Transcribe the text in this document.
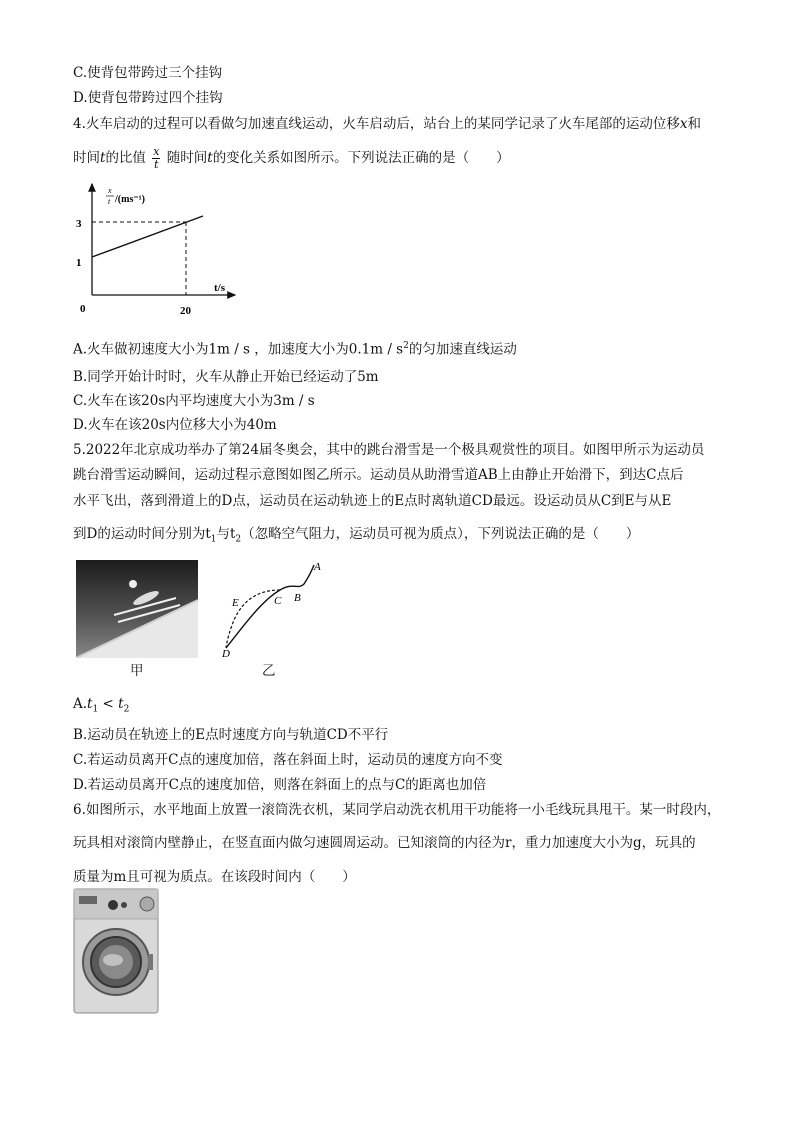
C.使背包带跨过三个挂钩
D.使背包带跨过四个挂钩
4.火车启动的过程可以看做匀加速直线运动，火车启动后，站台上的某同学记录了火车尾部的运动位移x和
时间t的比值 $\frac{x}{t}$ 随时间t的变化关系如图所示。下列说法正确的是（　　）
x
t /(ms⁻¹)
3
1
0	20
t/s
A.火车做初速度大小为1m / s ，加速度大小为$0.1m / s^2$的匀加速直线运动
B.同学开始计时时，火车从静止开始已经运动了5m
C.火车在该20s内平均速度大小为3m / s
D.火车在该20s内位移大小为40m
5.2022年北京成功举办了第24届冬奥会，其中的跳台滑雪是一个极具观赏性的项目。如图甲所示为运动员
跳台滑雪运动瞬间，运动过程示意图如图乙所示。运动员从助滑雪道AB上由静止开始滑下，到达C点后
水平飞出，落到滑道上的D点，运动员在运动轨迹上的E点时离轨道CD最远。设运动员从C到E与从E
到D的运动时间分别为$t_1$与$t_2$（忽略空气阻力，运动员可视为质点），下列说法正确的是（　　）
甲
A
B
C
D
E
乙
$A.t_1 < t_2$
B.运动员在轨迹上的E点时速度方向与轨道CD不平行
C.若运动员离开C点的速度加倍，落在斜面上时，运动员的速度方向不变
D.若运动员离开C点的速度加倍，则落在斜面上的点与C的距离也加倍
6.如图所示，水平地面上放置一滚筒洗衣机，某同学启动洗衣机用干功能将一小毛线玩具甩干。某一时段内，
玩具相对滚筒内壁静止，在竖直面内做匀速圆周运动。已知滚筒的内径为r，重力加速度大小为g，玩具的
质量为m且可视为质点。在该段时间内（　　）
